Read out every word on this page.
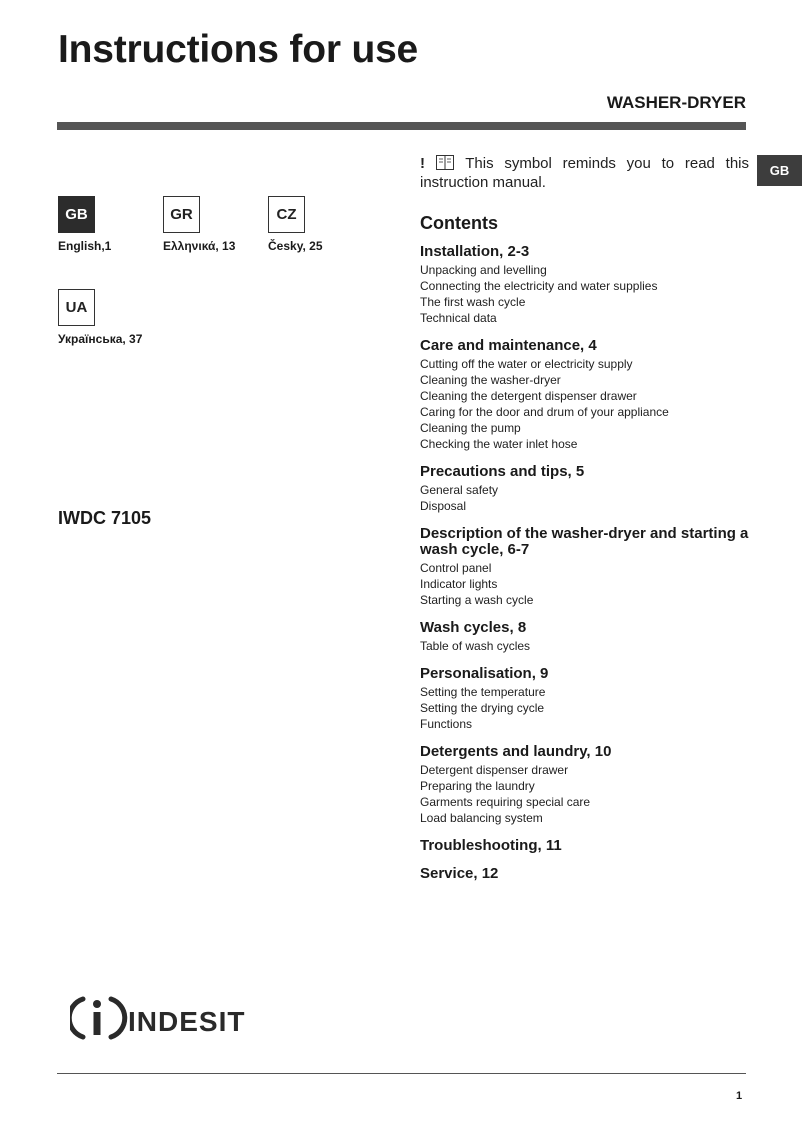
Instructions for use
WASHER-DRYER
GB
GB
English,1
GR
Ελληνικά, 13
CZ
Česky, 25
UA
Українська, 37
IWDC 7105
!	This symbol reminds you to read this instruction manual.
Contents
Installation, 2-3
Unpacking and levelling
Connecting the electricity and water supplies
The first wash cycle
Technical data
Care and maintenance, 4
Cutting off the water or electricity supply
Cleaning the washer-dryer
Cleaning the detergent dispenser drawer
Caring for the door and drum of your appliance
Cleaning the pump
Checking the water inlet hose
Precautions and tips, 5
General safety
Disposal
Description of the washer-dryer and starting a wash cycle, 6-7
Control panel
Indicator lights
Starting a wash cycle
Wash cycles, 8
Table of wash cycles
Personalisation, 9
Setting the temperature
Setting the drying cycle
Functions
Detergents and laundry, 10
Detergent dispenser drawer
Preparing the laundry
Garments requiring special care
Load balancing system
Troubleshooting, 11
Service, 12
INDESIT
1
